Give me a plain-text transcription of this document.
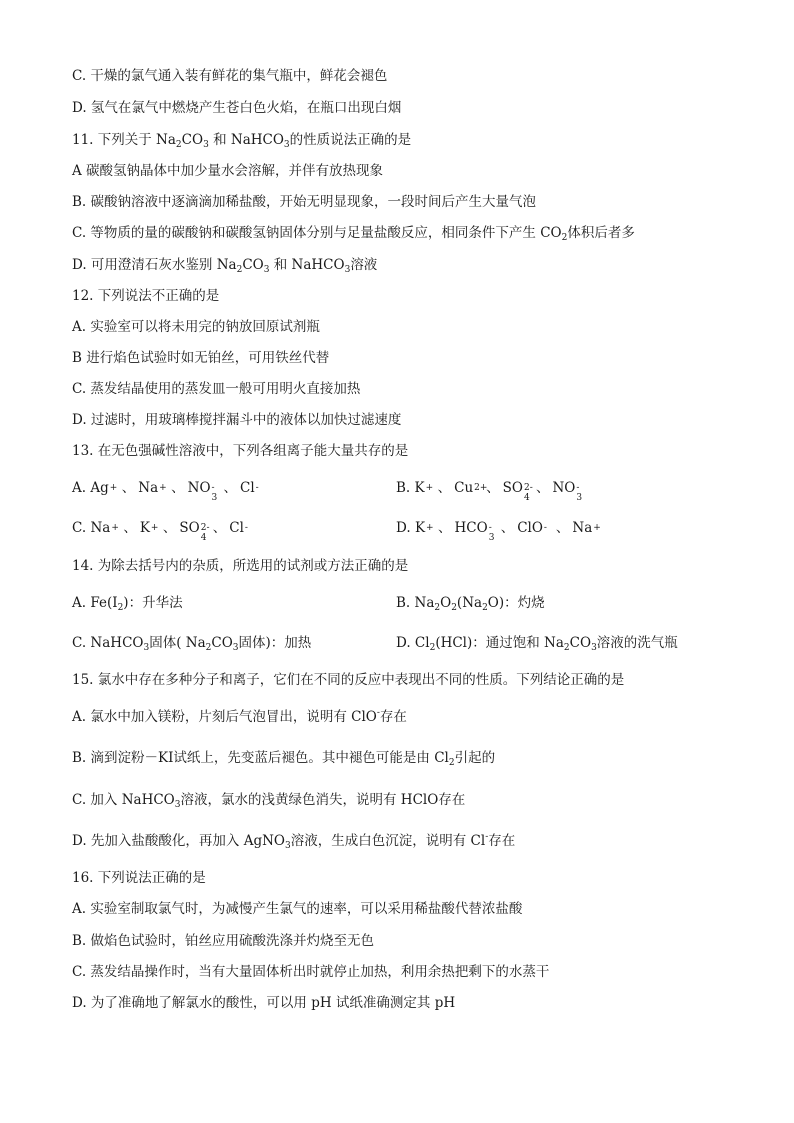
C. 干燥的氯气通入装有鲜花的集气瓶中，鲜花会褪色
D. 氢气在氯气中燃烧产生苍白色火焰，在瓶口出现白烟
11. 下列关于 $Na_2CO_3$ 和 NaHCO$_3$的性质说法正确的是
A 碳酸氢钠晶体中加少量水会溶解，并伴有放热现象
B. 碳酸钠溶液中逐滴滴加稀盐酸，开始无明显现象，一段时间后产生大量气泡
C. 等物质的量的碳酸钠和碳酸氢钠固体分别与足量盐酸反应，相同条件下产生 $CO_2$体积后者多
D. 可用澄清石灰水鉴别 $Na_2CO_3$ 和 NaHCO$_3$溶液
12. 下列说法不正确的是
A. 实验室可以将未用完的钠放回原试剂瓶
B 进行焰色试验时如无铂丝，可用铁丝代替
C. 蒸发结晶使用的蒸发皿一般可用明火直接加热
D. 过滤时，用玻璃棒搅拌漏斗中的液体以加快过滤速度
13. 在无色强碱性溶液中，下列各组离子能大量共存的是
A. Ag + 、 Na + 、 NO -
3
、 Cl -	B. K + 、 Cu 2+
、 SO 2-
4
、 NO -
3
C. Na + 、 K + 、 SO 2-
4
、 Cl -	D. K + 、 HCO -
3
、 ClO - 、 Na +
14. 为除去括号内的杂质，所选用的试剂或方法正确的是
A. $Fe(I_2)$：升华法	B. $Na_2O_2(Na_2O)$：灼烧
C. NaHCO$_3$固体( $Na_2CO_3$固体)：加热	D. $Cl_2(HCl)$：通过饱和 $Na_2CO_3$溶液的洗气瓶
15. 氯水中存在多种分子和离子，它们在不同的反应中表现出不同的性质。下列结论正确的是
A. 氯水中加入镁粉，片刻后气泡冒出，说明有 ClO-存在
B. 滴到淀粉－KI试纸上，先变蓝后褪色。其中褪色可能是由 $Cl_2$引起的
C. 加入 NaHCO$_3$溶液，氯水的浅黄绿色消失，说明有 HClO存在
D. 先加入盐酸酸化，再加入 AgNO$_3$溶液，生成白色沉淀，说明有 Cl-存在
16. 下列说法正确的是
A. 实验室制取氯气时，为减慢产生氯气的速率，可以采用稀盐酸代替浓盐酸
B. 做焰色试验时，铂丝应用硫酸洗涤并灼烧至无色
C. 蒸发结晶操作时，当有大量固体析出时就停止加热，利用余热把剩下的水蒸干
D. 为了准确地了解氯水的酸性，可以用 pH 试纸准确测定其 pH
